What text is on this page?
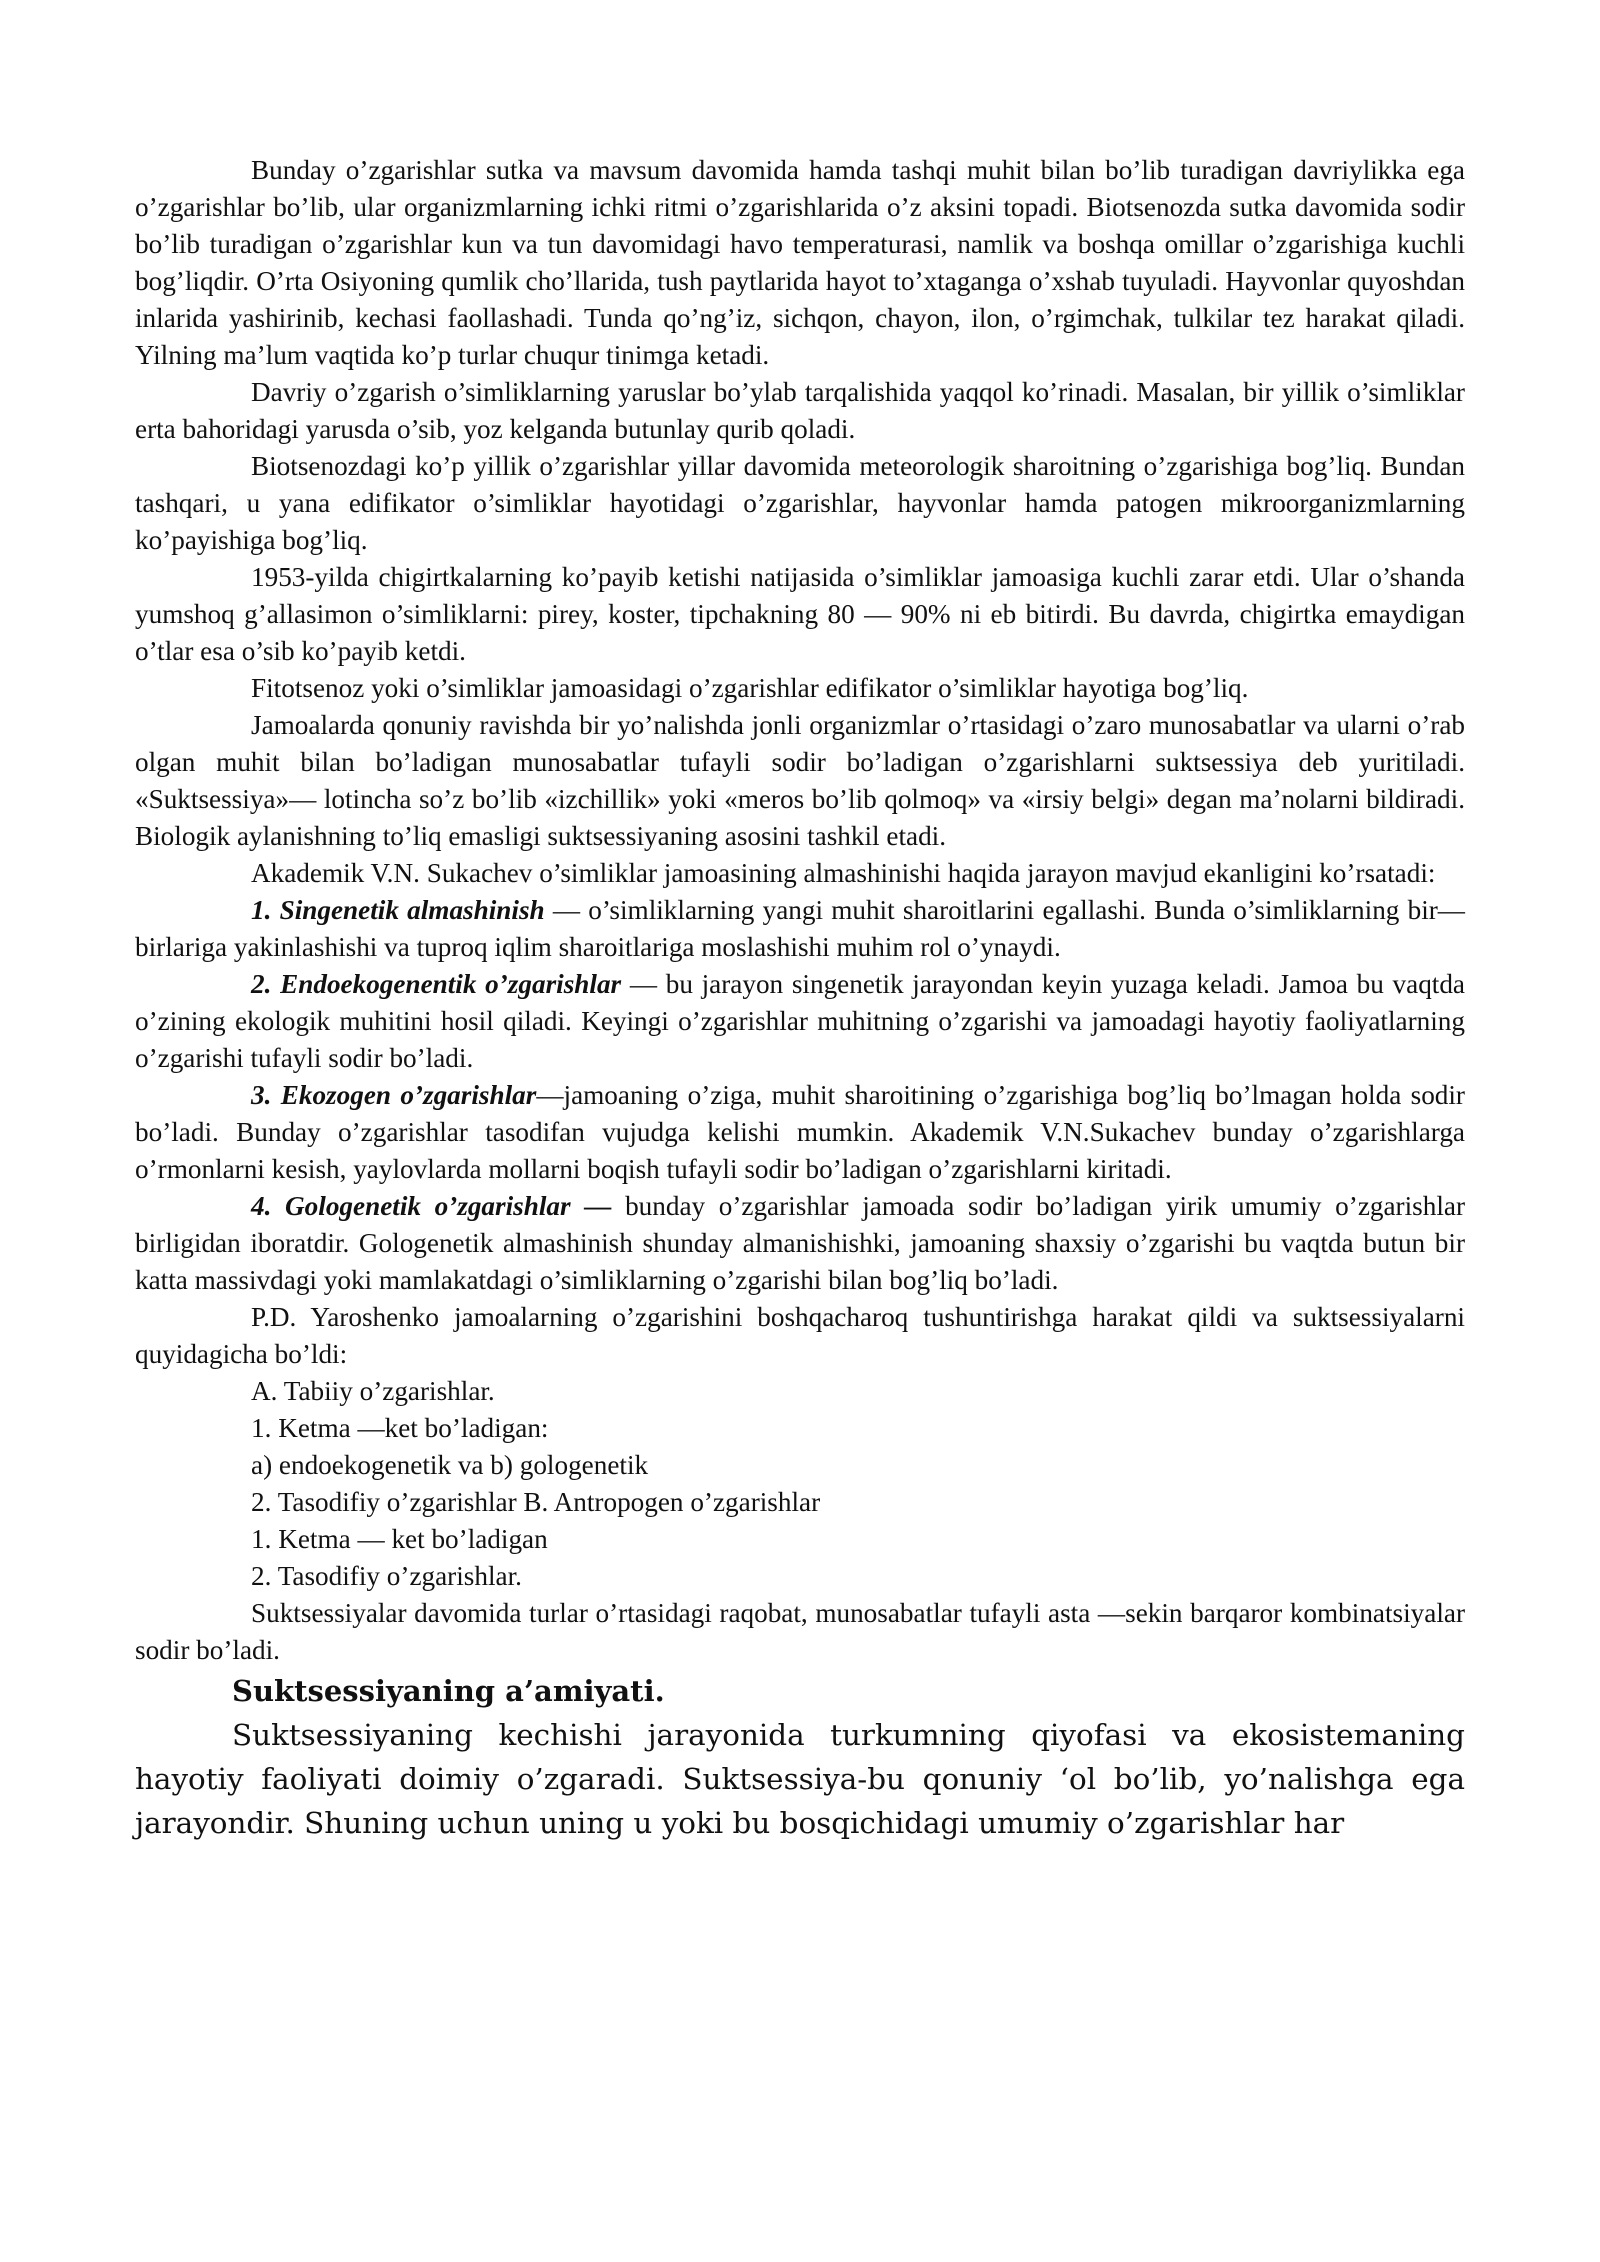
Bunday o’zgarishlar sutka va mavsum davomida hamda tashqi muhit bilan bo’lib turadigan davriylikka ega o’zgarishlar bo’lib, ular organizmlarning ichki ritmi o’zgarishlarida o’z aksini topadi. Biotsenozda sutka davomida sodir bo’lib turadigan o’zgarishlar kun va tun davomidagi havo temperaturasi, namlik va boshqa omillar o’zgarishiga kuchli bog’liqdir. O’rta Osiyoning qumlik cho’llarida, tush paytlarida hayot to’xtaganga o’xshab tuyuladi. Hayvonlar quyoshdan inlarida yashirinib, kechasi faollashadi. Tunda qo’ng’iz, sichqon, chayon, ilon, o’rgimchak, tulkilar tez harakat qiladi. Yilning ma’lum vaqtida ko’p turlar chuqur tinimga ketadi.

Davriy o’zgarish o’simliklarning yaruslar bo’ylab tarqalishida yaqqol ko’rinadi. Masalan, bir yillik o’simliklar erta bahoridagi yarusda o’sib, yoz kelganda butunlay qurib qoladi.

Biotsenozdagi ko’p yillik o’zgarishlar yillar davomida meteorologik sharoitning o’zgarishiga bog’liq. Bundan tashqari, u yana edifikator o’simliklar hayotidagi o’zgarishlar, hayvonlar hamda patogen mikroorganizmlarning ko’payishiga bog’liq.

1953-yilda chigirtkalarning ko’payib ketishi natijasida o’simliklar jamoasiga kuchli zarar etdi. Ular o’shanda yumshoq g’allasimon o’simliklarni: pirey, koster, tipchakning 80 — 90% ni eb bitirdi. Bu davrda, chigirtka emaydigan o’tlar esa o’sib ko’payib ketdi.

Fitotsenoz yoki o’simliklar jamoasidagi o’zgarishlar edifikator o’simliklar hayotiga bog’liq.

Jamoalarda qonuniy ravishda bir yo’nalishda jonli organizmlar o’rtasidagi o’zaro munosabatlar va ularni o’rab olgan muhit bilan bo’ladigan munosabatlar tufayli sodir bo’ladigan o’zgarishlarni suktsessiya deb yuritiladi. «Suktsessiya»— lotincha so’z bo’lib «izchillik» yoki «meros bo’lib qolmoq» va «irsiy belgi» degan ma’nolarni bildiradi. Biologik aylanishning to’liq emasligi suktsessiyaning asosini tashkil etadi.

Akademik V.N. Sukachev o’simliklar jamoasining almashinishi haqida jarayon mavjud ekanligini ko’rsatadi:

1. Singenetik almashinish — o’simliklarning yangi muhit sharoitlarini egallashi. Bunda o’simliklarning bir—birlariga yakinlashishi va tuproq iqlim sharoitlariga moslashishi muhim rol o’ynaydi.

2. Endoekogenentik o’zgarishlar — bu jarayon singenetik jarayondan keyin yuzaga keladi. Jamoa bu vaqtda o’zining ekologik muhitini hosil qiladi. Keyingi o’zgarishlar muhitning o’zgarishi va jamoadagi hayotiy faoliyatlarning o’zgarishi tufayli sodir bo’ladi.

3. Ekozogen o’zgarishlar—jamoaning o’ziga, muhit sharoitining o’zgarishiga bog’liq bo’lmagan holda sodir bo’ladi. Bunday o’zgarishlar tasodifan vujudga kelishi mumkin. Akademik V.N.Sukachev bunday o’zgarishlarga o’rmonlarni kesish, yaylovlarda mollarni boqish tufayli sodir bo’ladigan o’zgarishlarni kiritadi.

4. Gologenetik o’zgarishlar — bunday o’zgarishlar jamoada sodir bo’ladigan yirik umumiy o’zgarishlar birligidan iboratdir. Gologenetik almashinish shunday almanishishki, jamoaning shaxsiy o’zgarishi bu vaqtda butun bir katta massivdagi yoki mamlakatdagi o’simliklarning o’zgarishi bilan bog’liq bo’ladi.

P.D. Yaroshenko jamoalarning o’zgarishini boshqacharoq tushuntirishga harakat qildi va suktsessiyalarni quyidagicha bo’ldi:

A. Tabiiy o’zgarishlar.

1. Ketma —ket bo’ladigan:

a) endoekogenetik va b) gologenetik

2. Tasodifiy o’zgarishlar B. Antropogen o’zgarishlar

1. Ketma — ket bo’ladigan

2. Tasodifiy o’zgarishlar.

Suktsessiyalar davomida turlar o’rtasidagi raqobat, munosabatlar tufayli asta —sekin barqaror kombinatsiyalar sodir bo’ladi.

Suktsessiyaning a’amiyati.

Suktsessiyaning kechishi jarayonida turkumning qiyofasi va ekosistemaning hayotiy faoliyati doimiy o’zgaradi. Suktsessiya-bu qonuniy ‘ol bo’lib, yo’nalishga ega jarayondir. Shuning uchun uning u yoki bu bosqichidagi umumiy o’zgarishlar har
